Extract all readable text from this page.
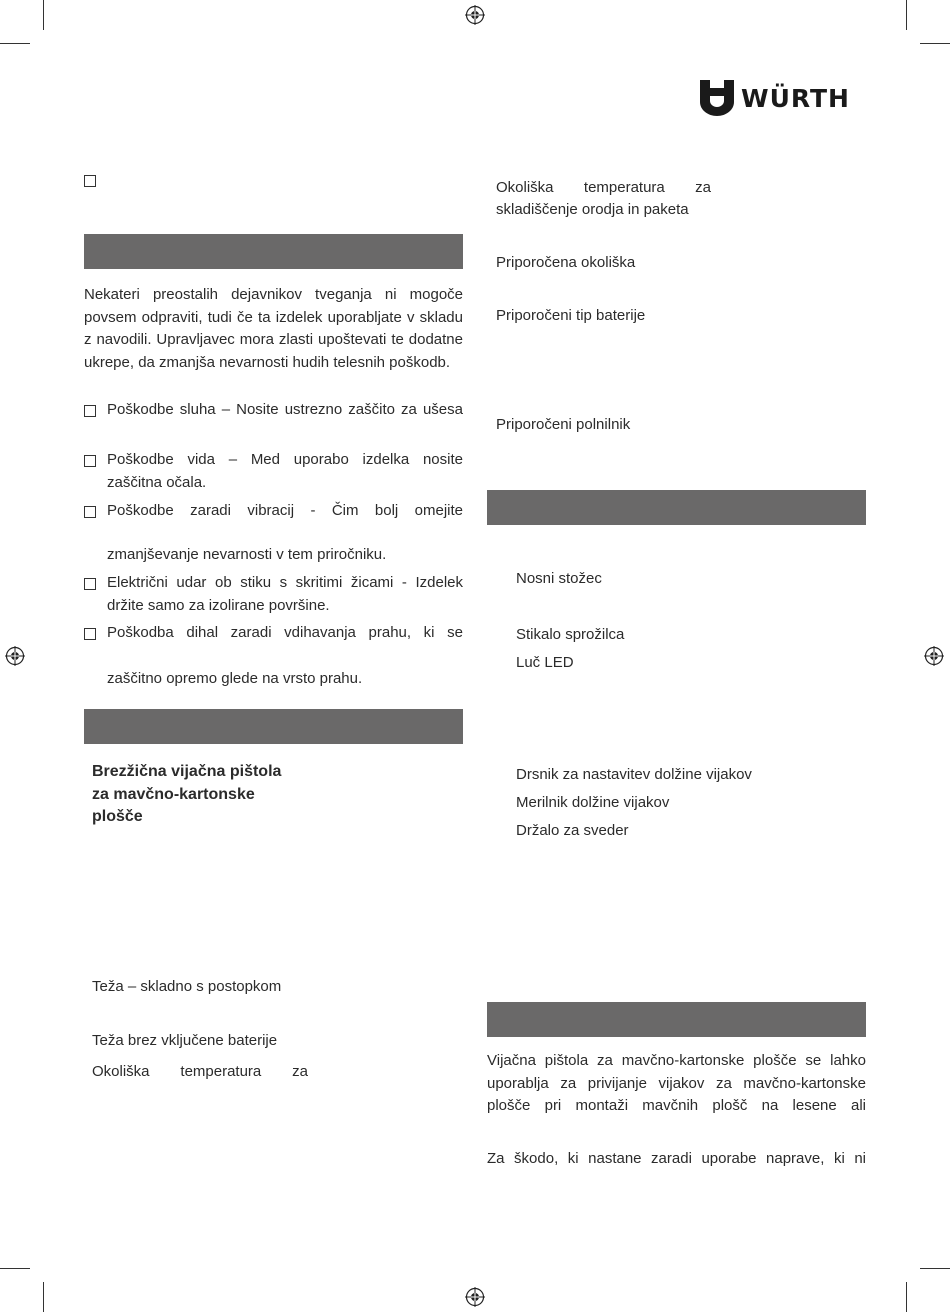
WÜRTH
Nekateri preostalih dejavnikov tveganja ni mogoče povsem odpraviti, tudi če ta izdelek uporabljate v skladu z navodili. Upravljavec mora zlasti upoštevati te dodatne ukrepe, da zmanjša nevarnosti hudih telesnih poškodb.
Poškodbe sluha – Nosite ustrezno zaščito za ušesa
Poškodbe vida – Med uporabo izdelka nosite
zaščitna očala.
Poškodbe zaradi vibracij - Čim bolj omejite
zmanjševanje nevarnosti v tem priročniku.
Električni udar ob stiku s skritimi žicami - Izdelek
držite samo za izolirane površine.
Poškodba dihal zaradi vdihavanja prahu, ki se
zaščitno opremo glede na vrsto prahu.
Brezžična vijačna pištola
za mavčno-kartonske
plošče
Teža – skladno s postopkom
Teža brez vključene baterije
Okoliška temperatura za
Okoliška temperatura za
skladiščenje orodja in paketa
Priporočena okoliška
Priporočeni tip baterije
Priporočeni polnilnik
Nosni stožec
Stikalo sprožilca
Luč LED
Drsnik za nastavitev dolžine vijakov
Merilnik dolžine vijakov
Držalo za sveder
Vijačna pištola za mavčno-kartonske plošče se lahko
uporablja za privijanje vijakov za mavčno-kartonske
plošče pri montaži mavčnih plošč na lesene ali
Za škodo, ki nastane zaradi uporabe naprave, ki ni
